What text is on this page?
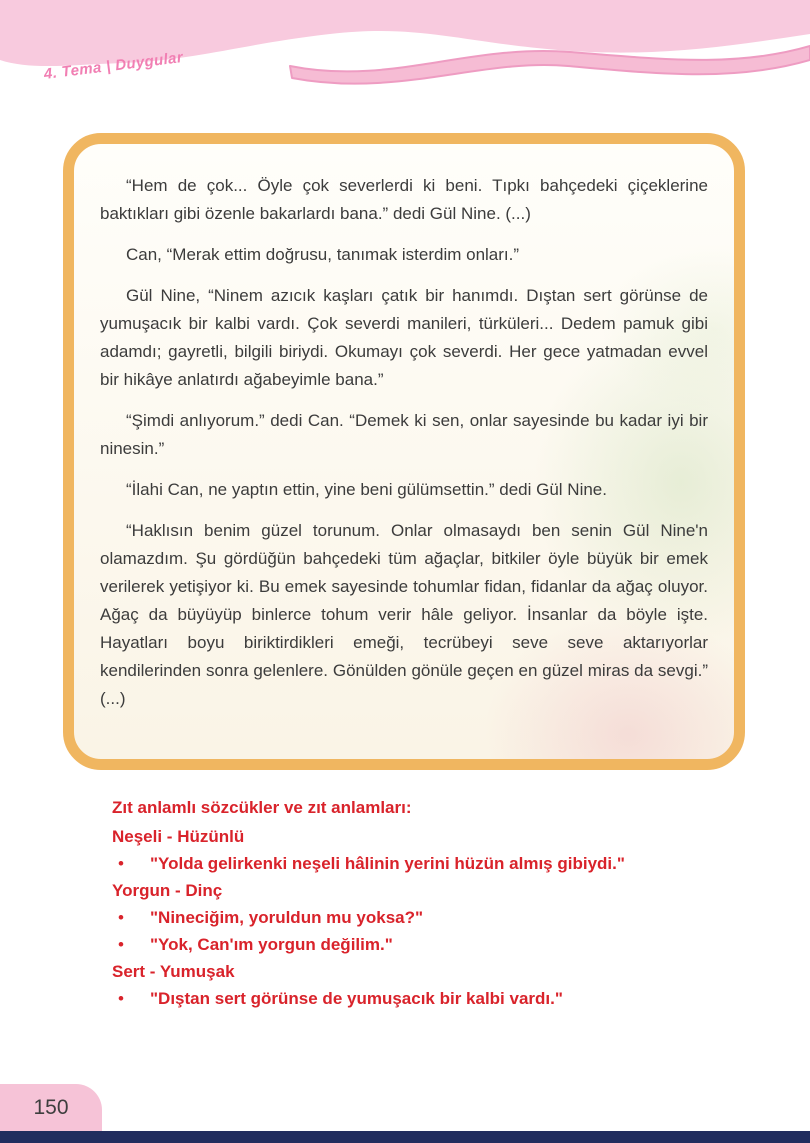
4. Tema | Duygular

“Hem de çok... Öyle çok severlerdi ki beni. Tıpkı bahçedeki çiçeklerine baktıkları gibi özenle bakarlardı bana.” dedi Gül Nine. (...)

Can, “Merak ettim doğrusu, tanımak isterdim onları.”

Gül Nine, “Ninem azıcık kaşları çatık bir hanımdı. Dıştan sert görünse de yumuşacık bir kalbi vardı. Çok severdi manileri, türküleri... Dedem pamuk gibi adamdı; gayretli, bilgili biriydi. Okumayı çok severdi. Her gece yatmadan evvel bir hikâye anlatırdı ağabeyimle bana.”

“Şimdi anlıyorum.” dedi Can. “Demek ki sen, onlar sayesinde bu kadar iyi bir ninesin.”

“İlahi Can, ne yaptın ettin, yine beni gülümsettin.” dedi Gül Nine.

“Haklısın benim güzel torunum. Onlar olmasaydı ben senin Gül Nine'n olamazdım. Şu gördüğün bahçedeki tüm ağaçlar, bitkiler öyle büyük bir emek verilerek yetişiyor ki. Bu emek sayesinde tohumlar fidan, fidanlar da ağaç oluyor. Ağaç da büyüyüp binlerce tohum verir hâle geliyor. İnsanlar da böyle işte. Hayatları boyu biriktirdikleri emeği, tecrübeyi seve seve aktarıyorlar kendilerinden sonra gelenlere. Gönülden gönüle geçen en güzel miras da sevgi.” (...)

Zıt anlamlı sözcükler ve zıt anlamları:
Neşeli - Hüzünlü
•	"Yolda gelirkenki neşeli hâlinin yerini hüzün almış gibiydi."
Yorgun - Dinç
•	"Nineciğim, yoruldun mu yoksa?"
•	"Yok, Can'ım yorgun değilim."
Sert - Yumuşak
•	"Dıştan sert görünse de yumuşacık bir kalbi vardı."
150
